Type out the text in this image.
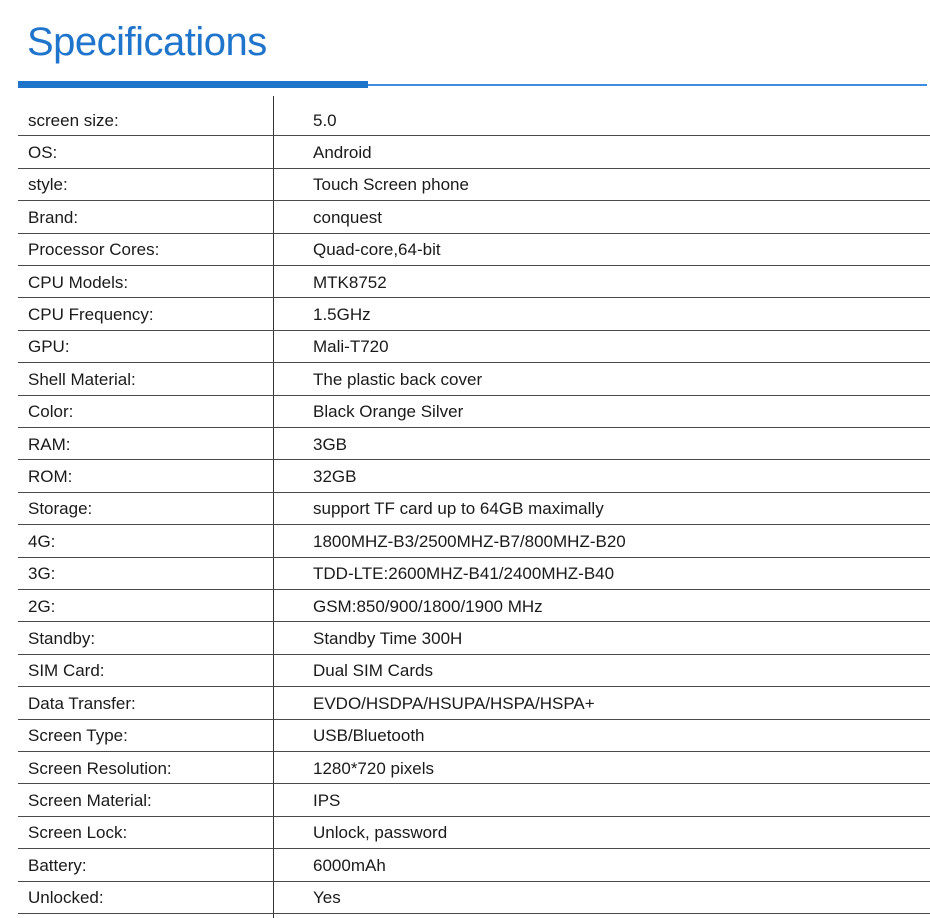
Specifications
screen size:	5.0
OS:	Android
style:	Touch Screen phone
Brand:	conquest
Processor Cores:	Quad-core,64-bit
CPU Models:	MTK8752
CPU Frequency:	1.5GHz
GPU:	Mali-T720
Shell Material:	The plastic back cover
Color:	Black Orange Silver
RAM:	3GB
ROM:	32GB
Storage:	support TF card up to 64GB maximally
4G:	1800MHZ-B3/2500MHZ-B7/800MHZ-B20
3G:	TDD-LTE:2600MHZ-B41/2400MHZ-B40
2G:	GSM:850/900/1800/1900 MHz
Standby:	Standby Time 300H
SIM Card:	Dual SIM Cards
Data Transfer:	EVDO/HSDPA/HSUPA/HSPA/HSPA+
Screen Type:	USB/Bluetooth
Screen Resolution:	1280*720 pixels
Screen Material:	IPS
Screen Lock:	Unlock, password
Battery:	6000mAh
Unlocked:	Yes
